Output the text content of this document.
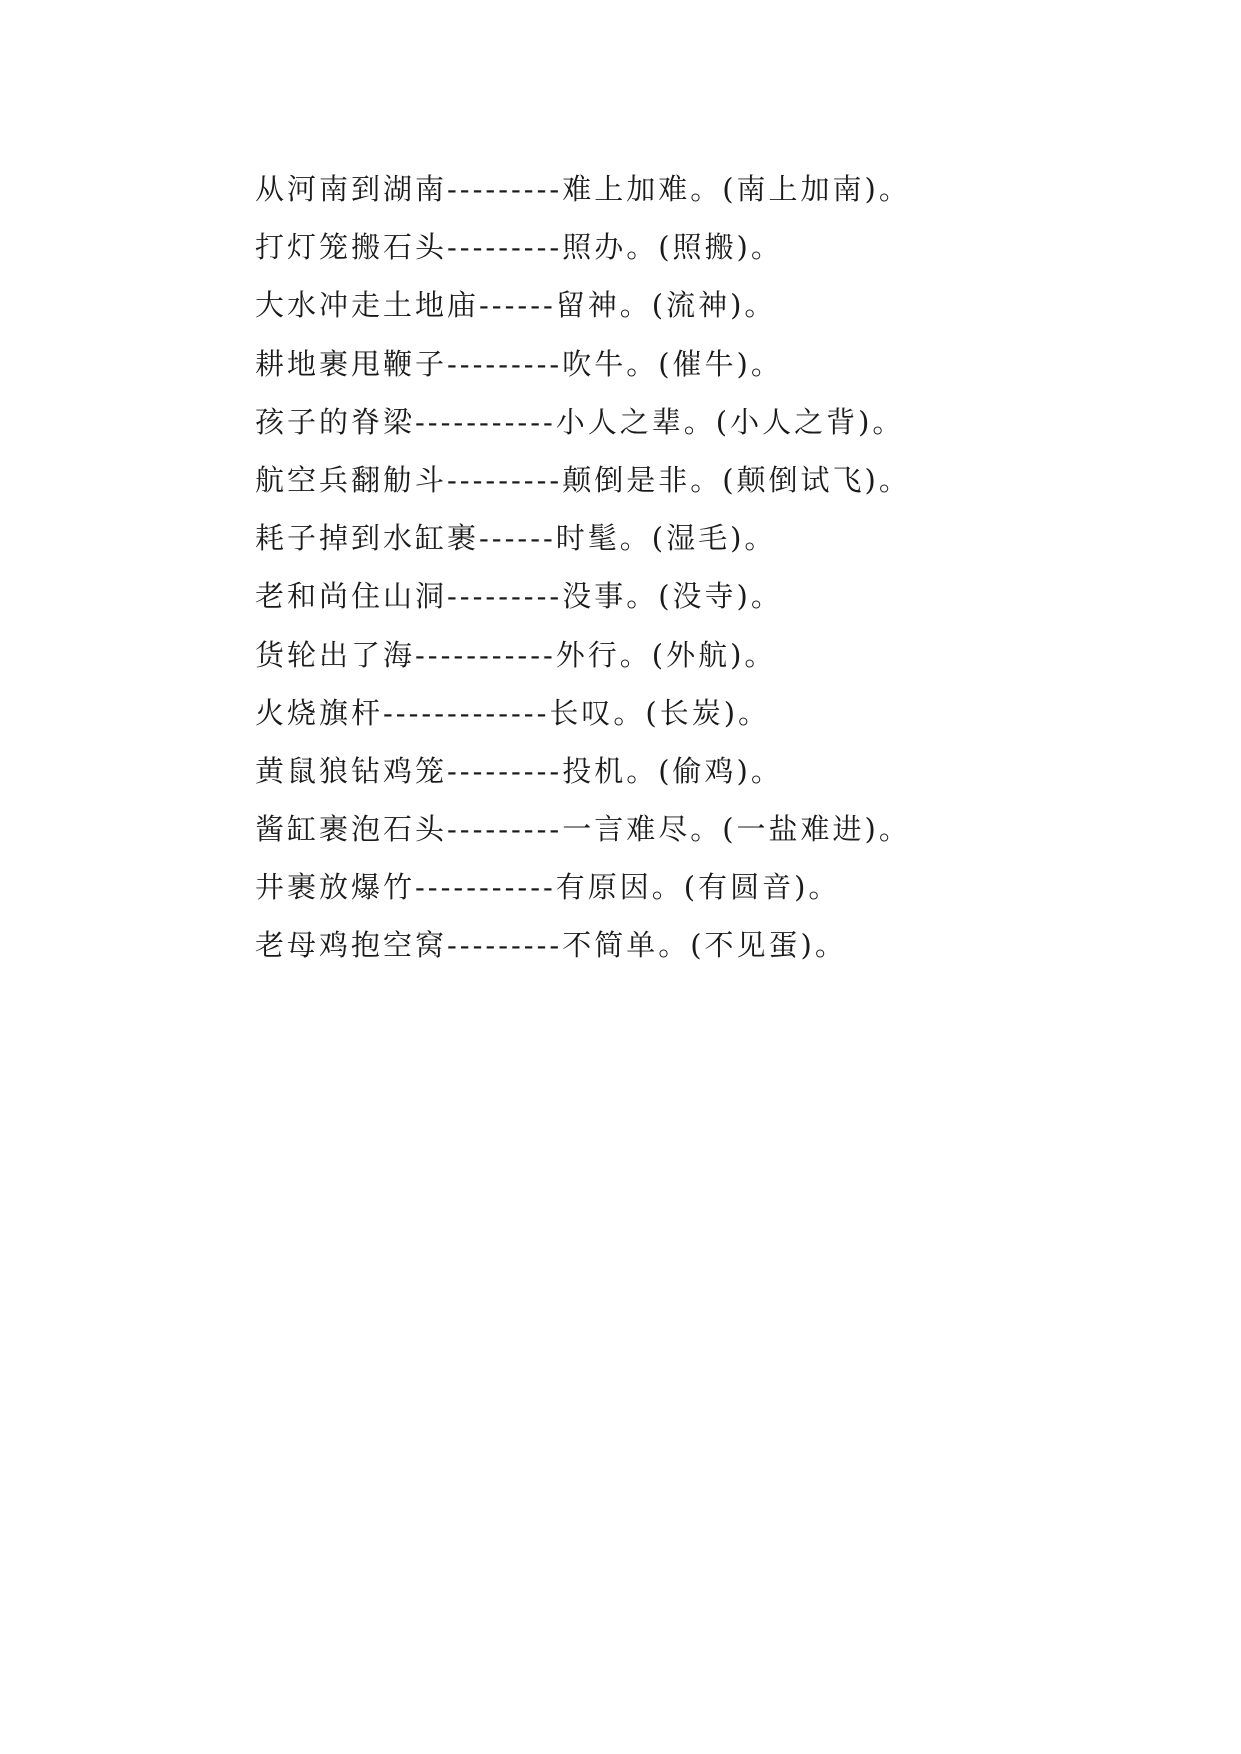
从河南到湖南---------难上加难。(南上加南)。
打灯笼搬石头---------照办。(照搬)。
大水冲走土地庙------留神。(流神)。
耕地裹甩鞭子---------吹牛。(催牛)。
孩子的脊梁-----------小人之辈。(小人之背)。
航空兵翻觔斗---------颠倒是非。(颠倒试飞)。
耗子掉到水缸裹------时髦。(湿毛)。
老和尚住山洞---------没事。(没寺)。
货轮出了海-----------外行。(外航)。
火烧旗杆-------------长叹。(长炭)。
黄鼠狼钻鸡笼---------投机。(偷鸡)。
酱缸裹泡石头---------一言难尽。(一盐难进)。
井裹放爆竹-----------有原因。(有圆音)。
老母鸡抱空窝---------不简单。(不见蛋)。
